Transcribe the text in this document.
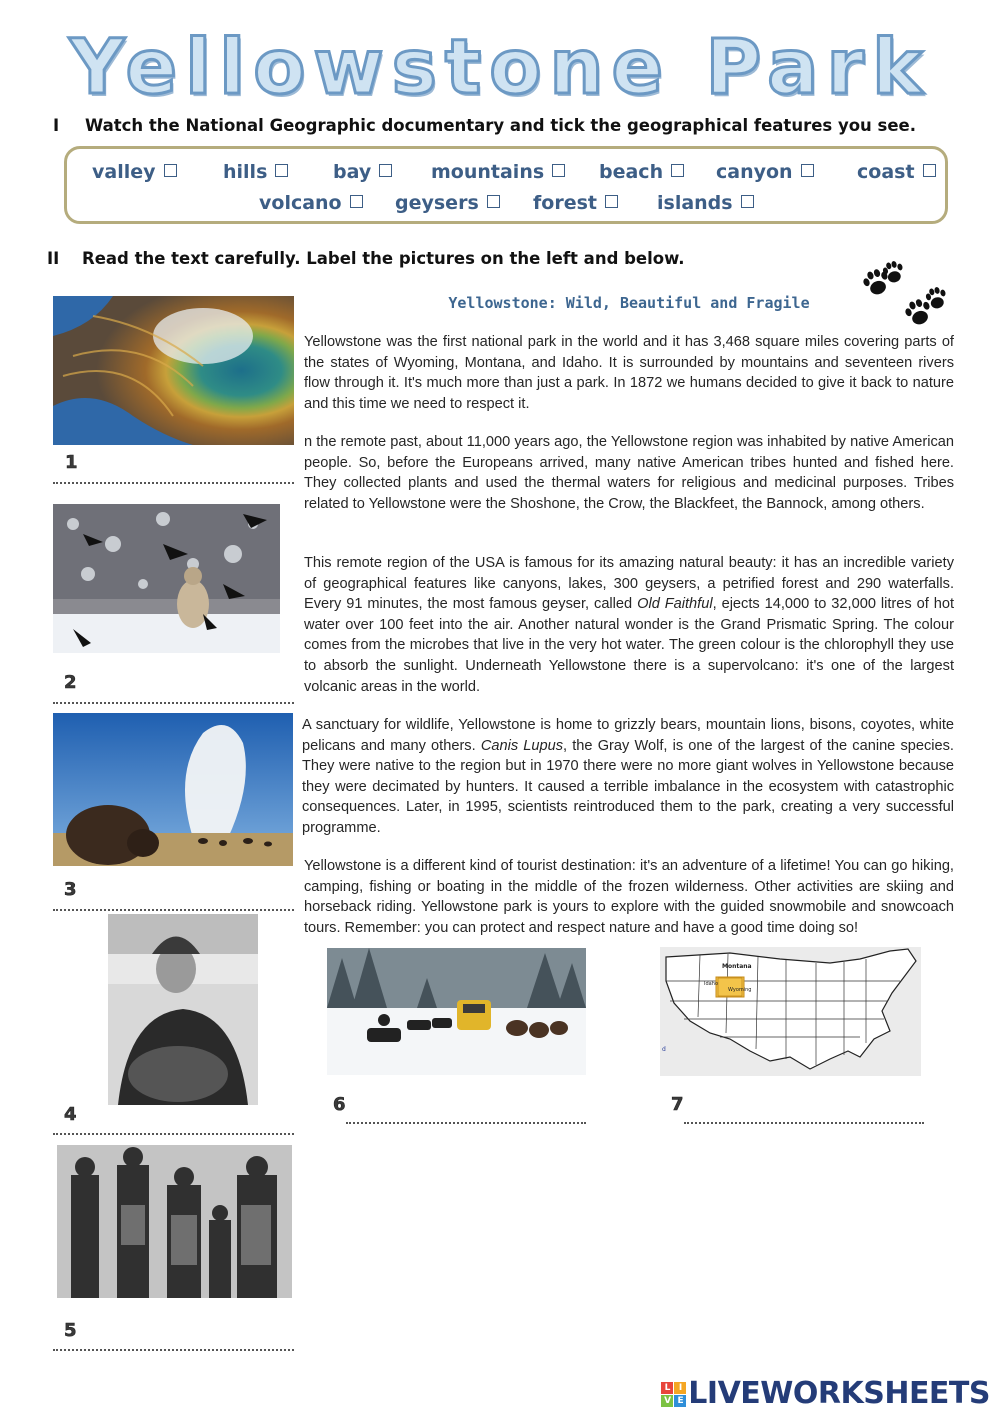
Yellowstone Park
I Watch the National Geographic documentary and tick the geographical features you see.
valley	hills	bay	mountains	beach	canyon	coast
volcano	geysers	forest	islands
II Read the text carefully. Label the pictures on the left and below.
Yellowstone: Wild, Beautiful and Fragile

Yellowstone was the first national park in the world and it has 3,468 square miles covering parts of the states of Wyoming, Montana, and Idaho. It is surrounded by mountains and seventeen rivers flow through it. It's much more than just a park. In 1872 we humans decided to give it back to nature and this time we need to respect it.

n the remote past, about 11,000 years ago, the Yellowstone region was inhabited by native American people. So, before the Europeans arrived, many native American tribes hunted and fished here. They collected plants and used the thermal waters for religious and medicinal purposes. Tribes related to Yellowstone were the Shoshone, the Crow, the Blackfeet, the Bannock, among others.

This remote region of the USA is famous for its amazing natural beauty: it has an incredible variety of geographical features like canyons, lakes, 300 geysers, a petrified forest and 290 waterfalls. Every 91 minutes, the most famous geyser, called Old Faithful, ejects 14,000 to 32,000 litres of hot water over 100 feet into the air. Another natural wonder is the Grand Prismatic Spring. The colour comes from the microbes that live in the very hot water. The green colour is the chlorophyll they use to absorb the sunlight. Underneath Yellowstone there is a supervolcano: it's one of the largest volcanic areas in the world.

A sanctuary for wildlife, Yellowstone is home to grizzly bears, mountain lions, bisons, coyotes, white pelicans and many others. Canis Lupus, the Gray Wolf, is one of the largest of the canine species. They were native to the region but in 1970 there were no more giant wolves in Yellowstone because they were decimated by hunters. It caused a terrible imbalance in the ecosystem with catastrophic consequences. Later, in 1995, scientists reintroduced them to the park, creating a very successful programme.

Yellowstone is a different kind of tourist destination: it's an adventure of a lifetime! You can go hiking, camping, fishing or boating in the middle of the frozen wilderness. Other activities are skiing and horseback riding. Yellowstone park is yours to explore with the guided snowmobile and snowcoach tours. Remember: you can protect and respect nature and have a good time doing so!

1
2
3
4
5
6
Montana
Idaho
Wyoming
d
7
L I
V E LIVEWORKSHEETS
